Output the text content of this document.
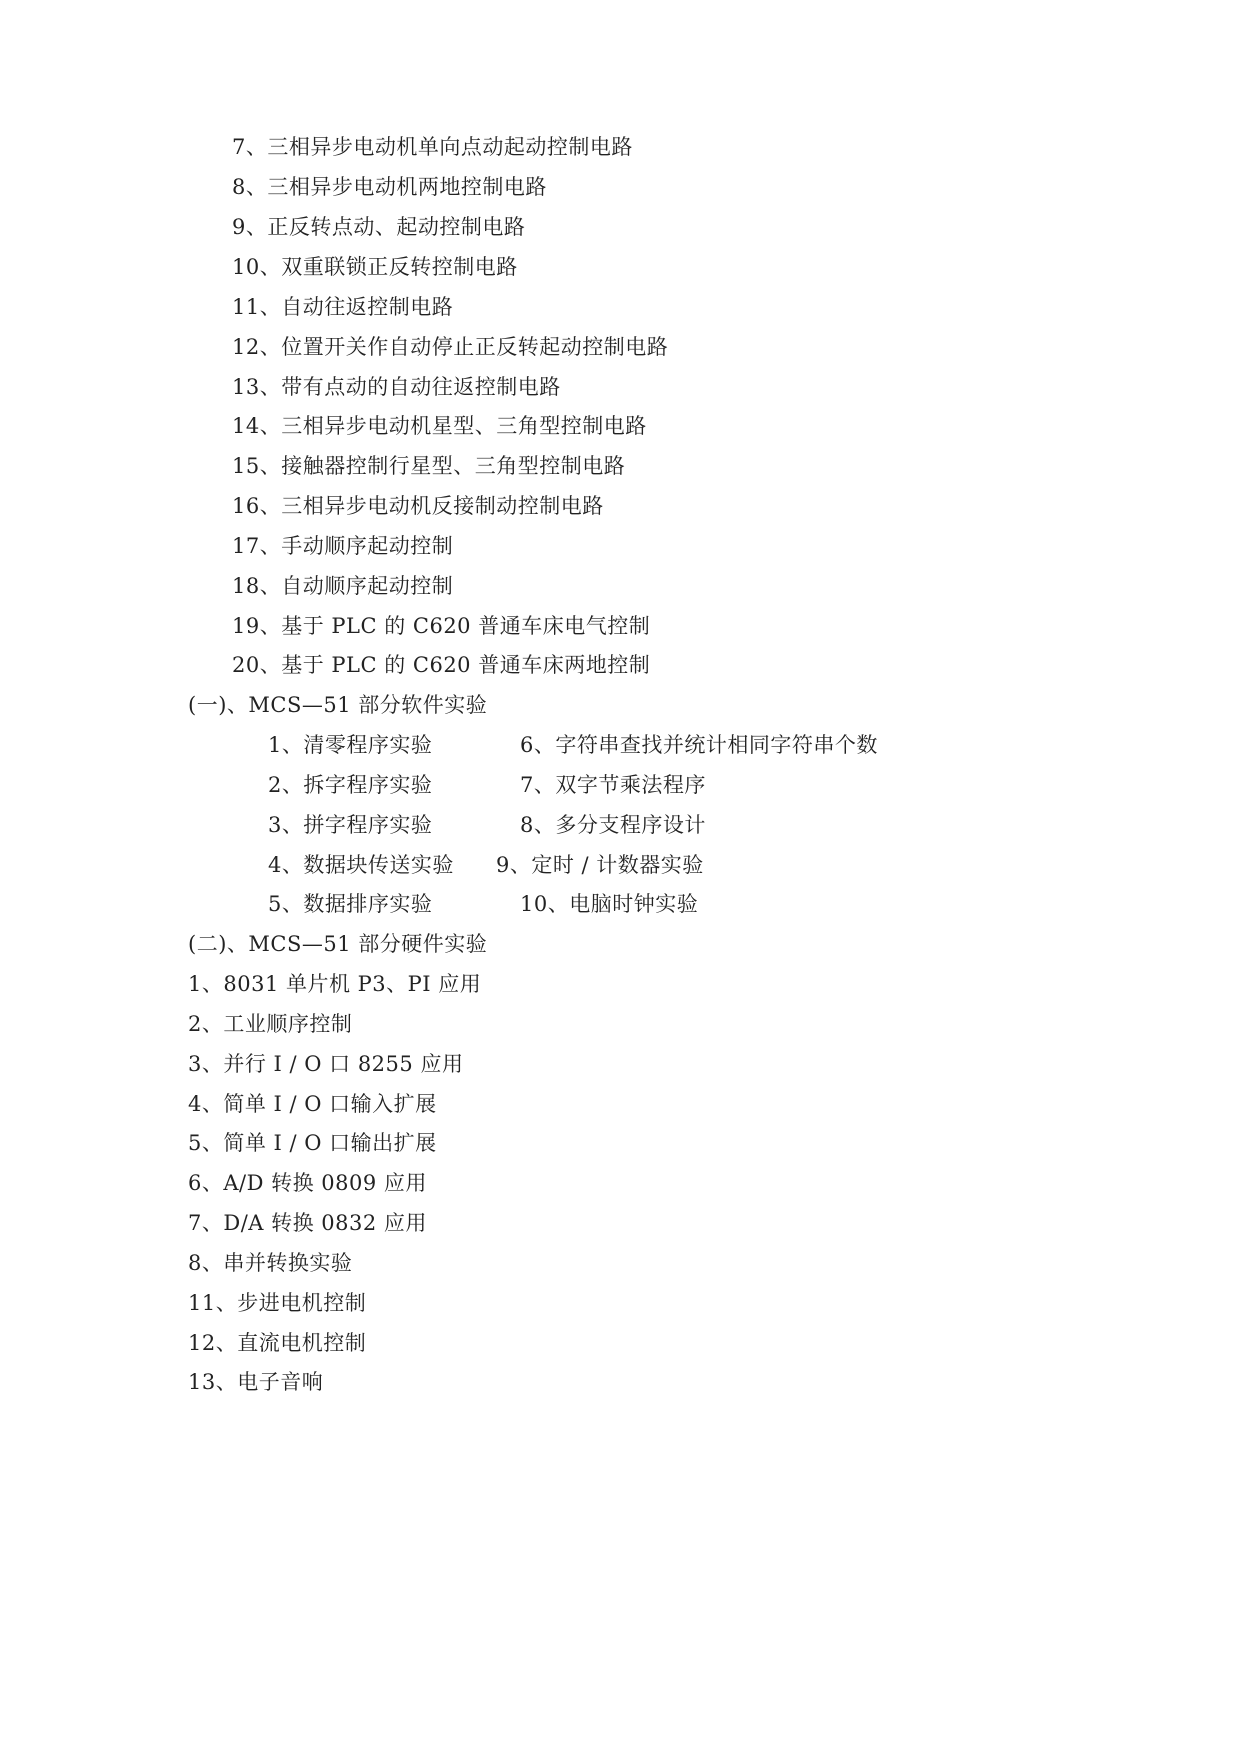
7、三相异步电动机单向点动起动控制电路
8、三相异步电动机两地控制电路
9、正反转点动、起动控制电路
10、双重联锁正反转控制电路
11、自动往返控制电路
12、位置开关作自动停止正反转起动控制电路
13、带有点动的自动往返控制电路
14、三相异步电动机星型、三角型控制电路
15、接触器控制行星型、三角型控制电路
16、三相异步电动机反接制动控制电路
17、手动顺序起动控制
18、自动顺序起动控制
19、基于 PLC 的 C620 普通车床电气控制
20、基于 PLC 的 C620 普通车床两地控制
(一)、MCS—51 部分软件实验
1、清零程序实验	6、字符串查找并统计相同字符串个数
2、拆字程序实验	7、双字节乘法程序
3、拼字程序实验	8、多分支程序设计
4、数据块传送实验 9、定时 / 计数器实验
5、数据排序实验	10、电脑时钟实验
(二)、MCS—51 部分硬件实验
1、8031 单片机 P3、PI 应用
2、工业顺序控制
3、并行 I / O 口 8255 应用
4、简单 I / O 口输入扩展
5、简单 I / O 口输出扩展
6、A/D 转换 0809 应用
7、D/A 转换 0832 应用
8、串并转换实验
11、步进电机控制
12、直流电机控制
13、电子音响
